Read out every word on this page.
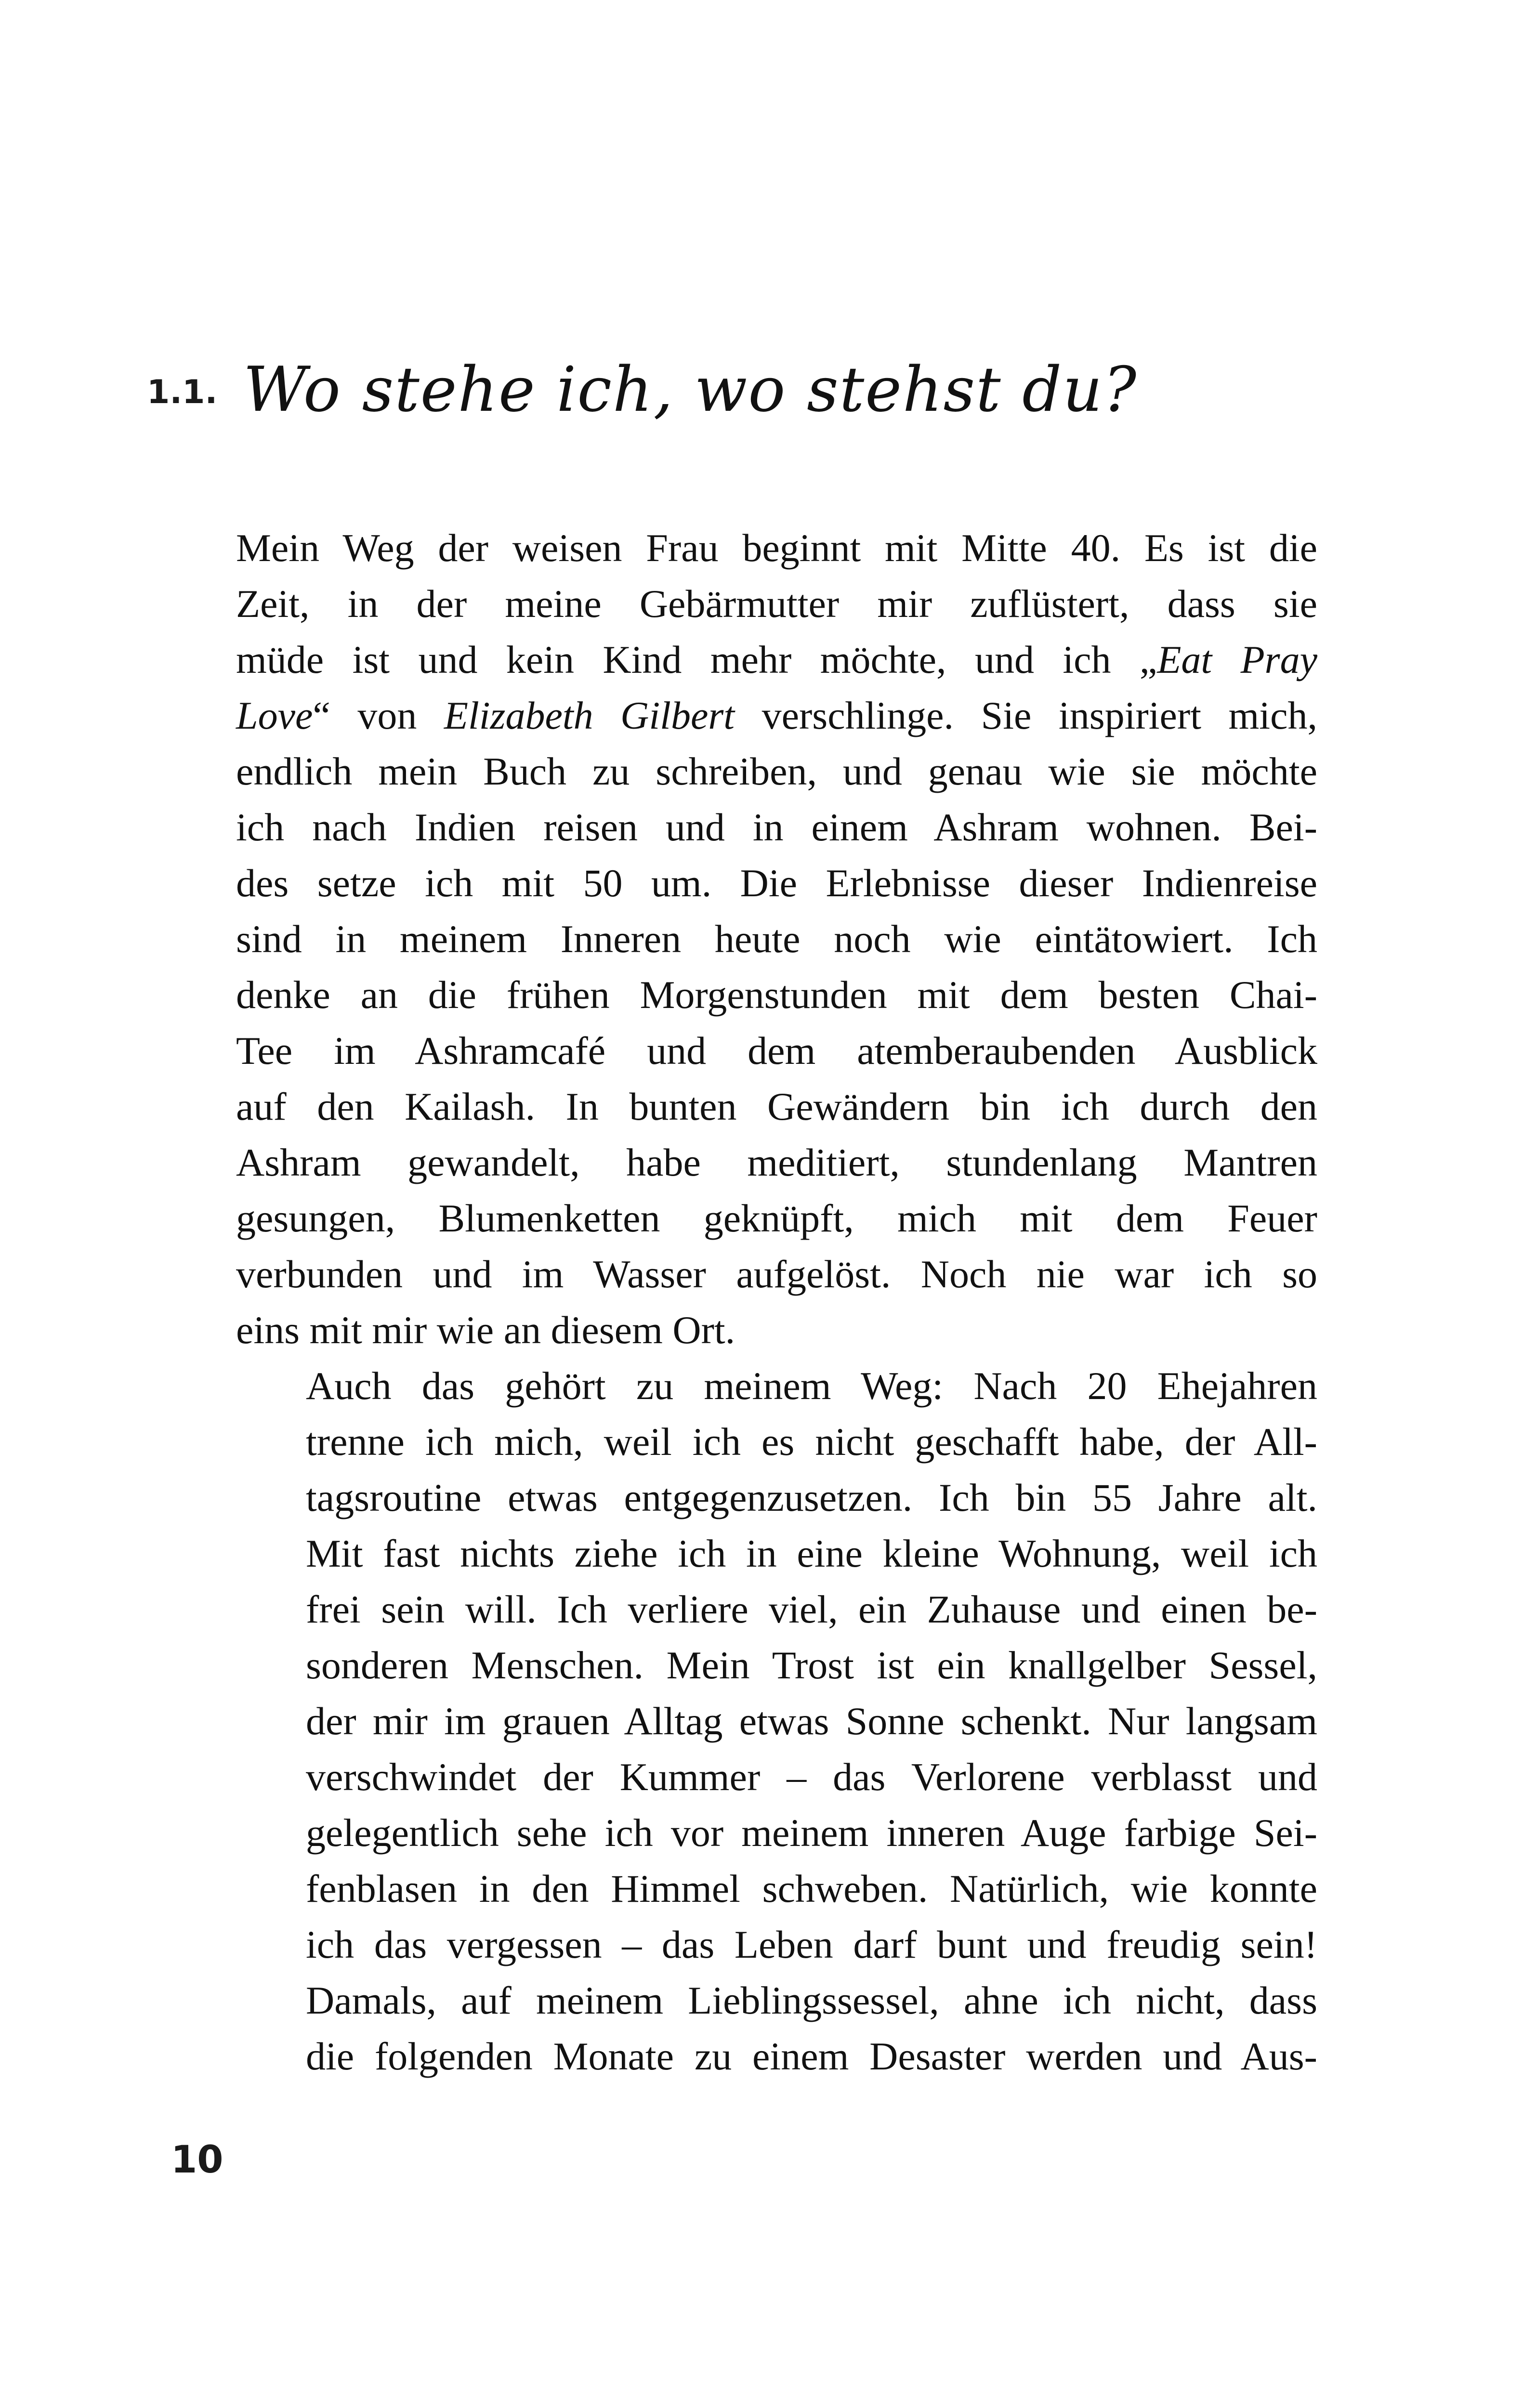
1.1. Wo stehe ich, wo stehst du?

Mein Weg der weisen Frau beginnt mit Mitte 40. Es ist die
Zeit, in der meine Gebärmutter mir zuflüstert, dass sie
müde ist und kein Kind mehr möchte, und ich „Eat Pray
Love“ von Elizabeth Gilbert verschlinge. Sie inspiriert mich,
endlich mein Buch zu schreiben, und genau wie sie möchte
ich nach Indien reisen und in einem Ashram wohnen. Bei-
des setze ich mit 50 um. Die Erlebnisse dieser Indienreise
sind in meinem Inneren heute noch wie eintätowiert. Ich
denke an die frühen Morgenstunden mit dem besten Chai-
Tee im Ashramcafé und dem atemberaubenden Ausblick
auf den Kailash. In bunten Gewändern bin ich durch den
Ashram gewandelt, habe meditiert, stundenlang Mantren
gesungen, Blumenketten geknüpft, mich mit dem Feuer
verbunden und im Wasser aufgelöst. Noch nie war ich so
eins mit mir wie an diesem Ort.

Auch das gehört zu meinem Weg: Nach 20 Ehejahren
trenne ich mich, weil ich es nicht geschafft habe, der All-
tagsroutine etwas entgegenzusetzen. Ich bin 55 Jahre alt.
Mit fast nichts ziehe ich in eine kleine Wohnung, weil ich
frei sein will. Ich verliere viel, ein Zuhause und einen be-
sonderen Menschen. Mein Trost ist ein knallgelber Sessel,
der mir im grauen Alltag etwas Sonne schenkt. Nur langsam
verschwindet der Kummer – das Verlorene verblasst und
gelegentlich sehe ich vor meinem inneren Auge farbige Sei-
fenblasen in den Himmel schweben. Natürlich, wie konnte
ich das vergessen – das Leben darf bunt und freudig sein!
Damals, auf meinem Lieblingssessel, ahne ich nicht, dass
die folgenden Monate zu einem Desaster werden und Aus-

10
